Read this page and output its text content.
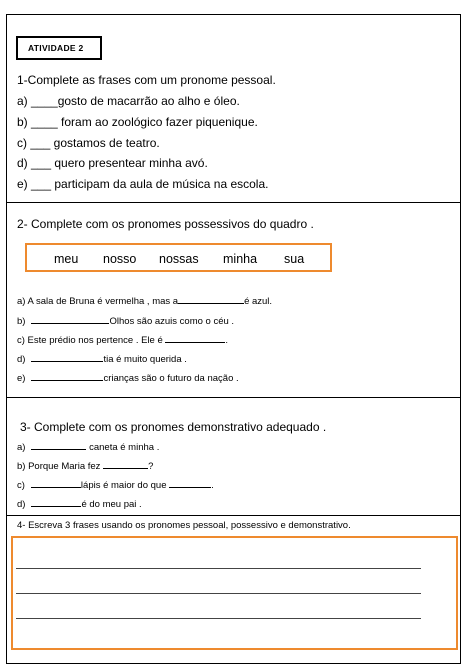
ATIVIDADE 2
1-Complete as frases com um pronome pessoal.
a) ____gosto de macarrão ao alho e óleo.
b) ____ foram ao zoológico fazer piquenique.
c) ___ gostamos de teatro.
d) ___ quero presentear minha avó.
e) ___ participam da aula de música na escola.
2- Complete com os pronomes possessivos do quadro .
meu nosso nossas minha sua
a) A sala de Bruna é vermelha , mas a	é azul.
b)	Olhos são azuis como o céu .
c) Este prédio nos pertence . Ele é	.
d)	tia é muito querida .
e)	crianças são o futuro da nação .
3- Complete com os pronomes demonstrativo adequado .
a)	caneta é minha .
b) Porque Maria fez	?
c)	lápis é maior do que	.
d)	é do meu pai .
4- Escreva 3 frases usando os pronomes pessoal, possessivo e demonstrativo.
